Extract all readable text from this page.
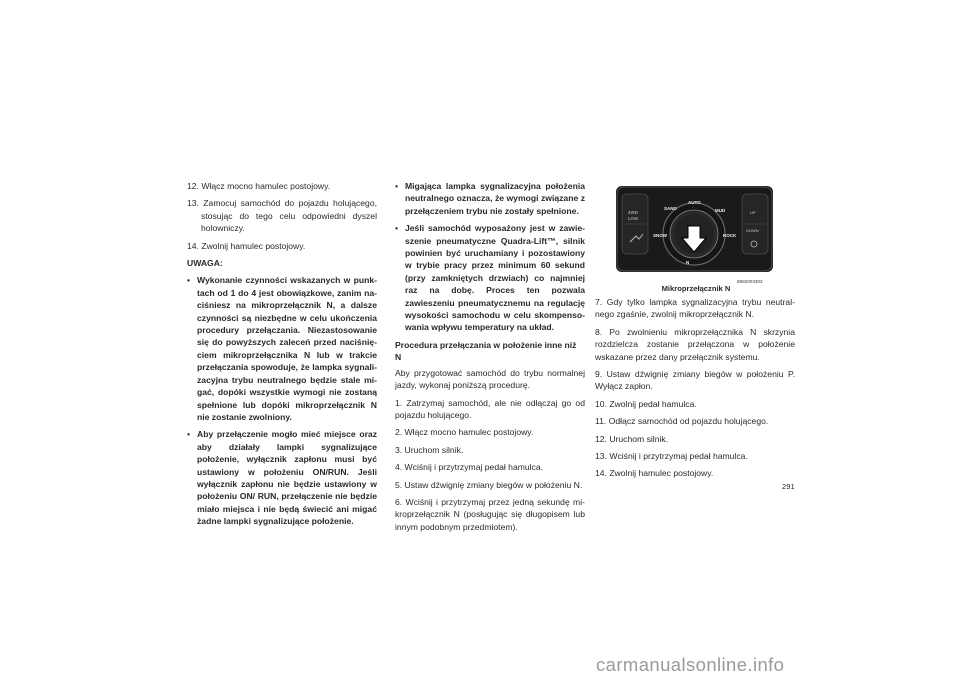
12. Włącz mocno hamulec postojowy.

13. Zamocuj samochód do pojazdu holującego, stosując do tego celu odpowiedni dyszel holowniczy.

14. Zwolnij hamulec postojowy.

UWAGA:

• Wykonanie czynności wskazanych w punktach od 1 do 4 jest obowiązkowe, zanim naciśniesz na mikroprzełącznik N, a dalsze czynności są niezbędne w celu ukończenia procedury przełączania. Niezastosowanie się do powyższych zaleceń przed naciśnięciem mikroprzełącznika N lub w trakcie przełączania spowoduje, że lampka sygnalizacyjna trybu neutralnego będzie stale migać, dopóki wszystkie wymogi nie zostaną spełnione lub dopóki mikroprzełącznik N nie zostanie zwolniony.
• Aby przełączenie mogło mieć miejsce oraz aby działały lampki sygnalizujące położenie, wyłącznik zapłonu musi być ustawiony w położeniu ON/RUN. Jeśli wyłącznik zapłonu nie będzie ustawiony w położeniu ON/ RUN, przełączenie nie będzie miało miejsca i nie będą świecić ani migać żadne lampki sygnalizujące położenie.
• Migająca lampka sygnalizacyjna położenia neutralnego oznacza, że wymogi związane z przełączeniem trybu nie zostały spełnione.
• Jeśli samochód wyposażony jest w zawieszenie pneumatyczne Quadra-Lift™, silnik powinien być uruchamiany i pozostawiony w trybie pracy przez minimum 60 sekund (przy zamkniętych drzwiach) co najmniej raz na dobę. Proces ten pozwala zawieszeniu pneumatycznemu na regulację wysokości samochodu w celu skompensowania wpływu temperatury na układ.

Procedura przełączania w położenie inne niż N

Aby przygotować samochód do trybu normalnej jazdy, wykonaj poniższą procedurę.

1. Zatrzymaj samochód, ale nie odłączaj go od pojazdu holującego.

2. Włącz mocno hamulec postojowy.

3. Uruchom silnik.

4. Wciśnij i przytrzymaj pedał hamulca.

5. Ustaw dźwignię zmiany biegów w położeniu N.

6. Wciśnij i przytrzymaj przez jedną sekundę mikroprzełącznik N (posługując się długopisem lub innym podobnym przedmiotem).

SAND
AUTO
MUD
SNOW	ROCK
4WD
LOW
UP
DOWN
N
8982003302
Mikroprzełącznik N

7. Gdy tylko lampka sygnalizacyjna trybu neutralnego zgaśnie, zwolnij mikroprzełącznik N.

8. Po zwolnieniu mikroprzełącznika N skrzynia rozdzielcza zostanie przełączona w położenie wskazane przez dany przełącznik systemu.

9. Ustaw dźwignię zmiany biegów w położeniu P. Wyłącz zapłon.

10. Zwolnij pedał hamulca.

11. Odłącz samochód od pojazdu holującego.

12. Uruchom silnik.

13. Wciśnij i przytrzymaj pedał hamulca.

14. Zwolnij hamulec postojowy.

291
carmanualsonline.info
